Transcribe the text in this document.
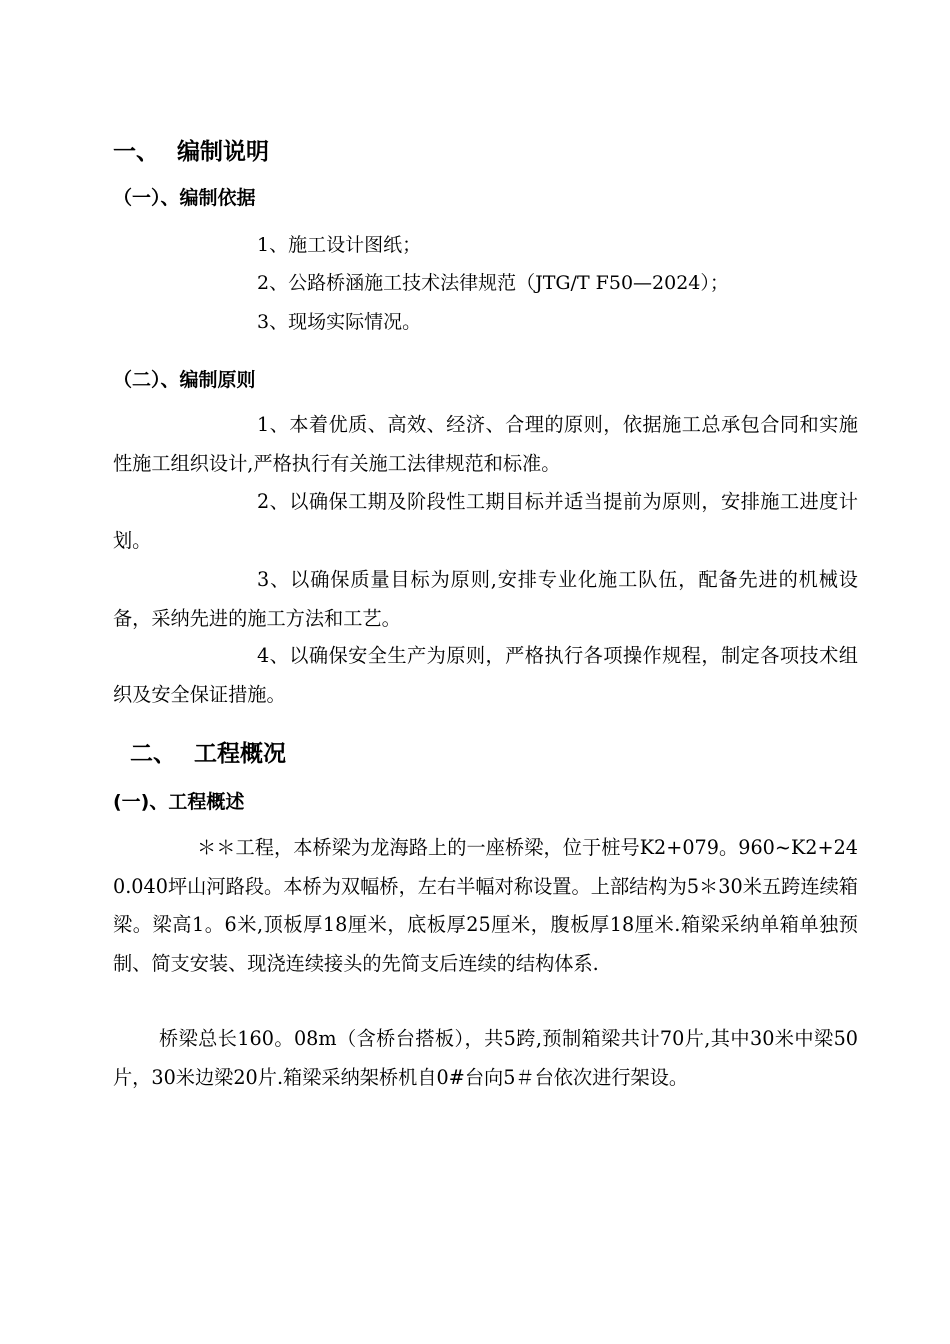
一、 编制说明
（一）、编制依据
1、施工设计图纸；
2、公路桥涵施工技术法律规范（JTG/T F50—2024）；
3、现场实际情况。
（二）、编制原则
1、本着优质、高效、经济、合理的原则，依据施工总承包合同和实施性施工组织设计,严格执行有关施工法律规范和标准。
2、以确保工期及阶段性工期目标并适当提前为原则，安排施工进度计划。
3、以确保质量目标为原则,安排专业化施工队伍，配备先进的机械设备，采纳先进的施工方法和工艺。
4、以确保安全生产为原则，严格执行各项操作规程，制定各项技术组织及安全保证措施。
二、 工程概况
(一)、工程概述
＊＊工程，本桥梁为龙海路上的一座桥梁，位于桩号K2+079。960~K2+240.040坪山河路段。本桥为双幅桥，左右半幅对称设置。上部结构为5＊30米五跨连续箱梁。梁高1。6米,顶板厚18厘米，底板厚25厘米，腹板厚18厘米.箱梁采纳单箱单独预制、简支安装、现浇连续接头的先简支后连续的结构体系.
桥梁总长160。08m（含桥台搭板），共5跨,预制箱梁共计70片,其中30米中梁50片，30米边梁20片.箱梁采纳架桥机自0#台向5＃台依次进行架设。
